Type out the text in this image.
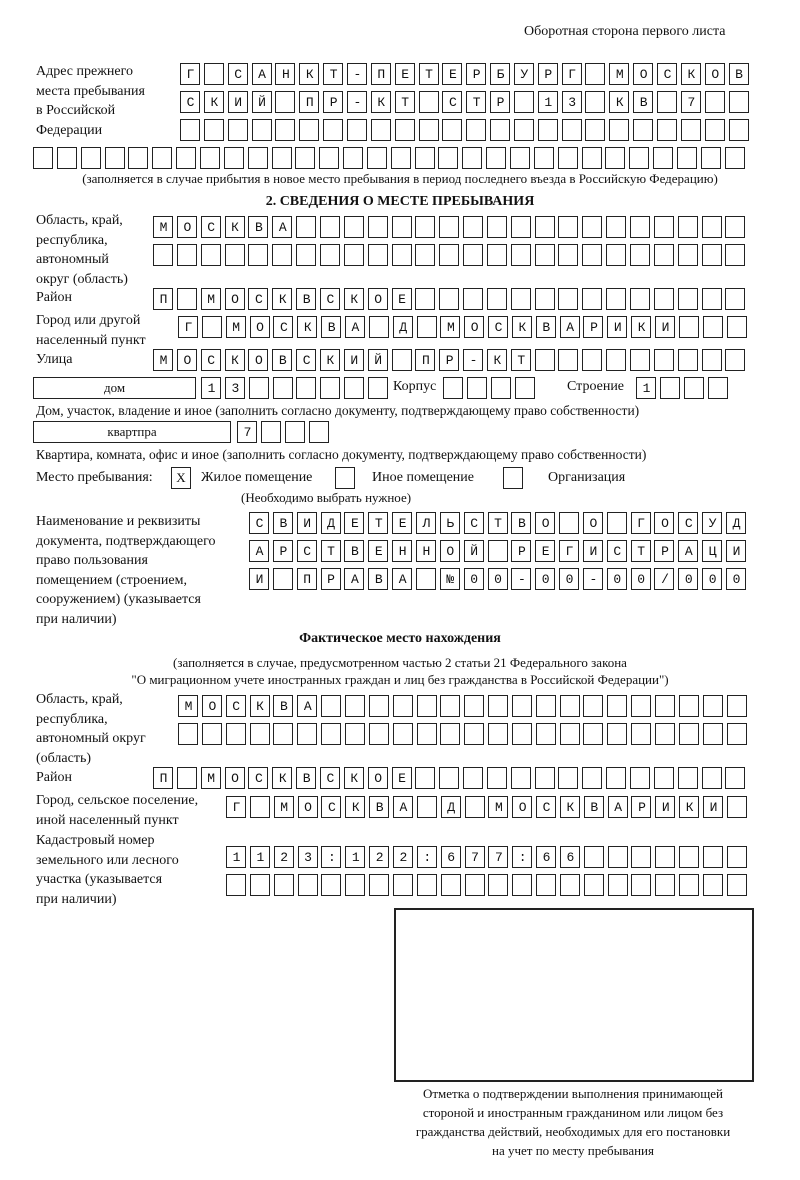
Оборотная сторона первого листа
Адрес прежнего
места пребывания
в Российской
Федерации
Г САНКТ-ПЕТЕРБУРГ МОСКОВ
СКИЙ ПР-КТ СТР 13 КВ 7
(заполняется в случае прибытия в новое место пребывания в период последнего въезда в Российскую Федерацию)
2. СВЕДЕНИЯ О МЕСТЕ ПРЕБЫВАНИЯ
Область, край,
республика,
автономный
округ (область)
МОСКВА
Район	П МОСКВСКОЕ
Город или другой
населенный пункт
Г МОСКВА Д МОСКВАРИКИ
Улица	МОСКОВСКИЙ ПР-КТ
дом	13	Корпус	Строение	1
Дом, участок, владение и иное (заполнить согласно документу, подтверждающему право собственности)
квартпра	7
Квартира, комната, офис и иное (заполнить согласно документу, подтверждающему право собственности)
Место пребывания:	X	Жилое помещение	Иное помещение	Организация
(Необходимо выбрать нужное)
Наименование и реквизиты
документа, подтверждающего
право пользования
помещением (строением,
сооружением) (указывается
при наличии)
СВИДЕТЕЛЬСТВО О ГОСУД
АРСТВЕННОЙ РЕГИСТРАЦИ
И ПРАВА №00-00-00/000
Фактическое место нахождения
(заполняется в случае, предусмотренном частью 2 статьи 21 Федерального закона
"О миграционном учете иностранных граждан и лиц без гражданства в Российской Федерации")
Область, край,
республика,
автономный округ
(область)
МОСКВА
Район	П МОСКВСКОЕ
Город, сельское поселение,
иной населенный пункт
Г МОСКВА Д МОСКВАРИКИ
Кадастровый номер
земельного или лесного
участка (указывается
при наличии)
1123:122:677:66
Отметка о подтверждении выполнения принимающей
стороной и иностранным гражданином или лицом без
гражданства действий, необходимых для его постановки
на учет по месту пребывания
